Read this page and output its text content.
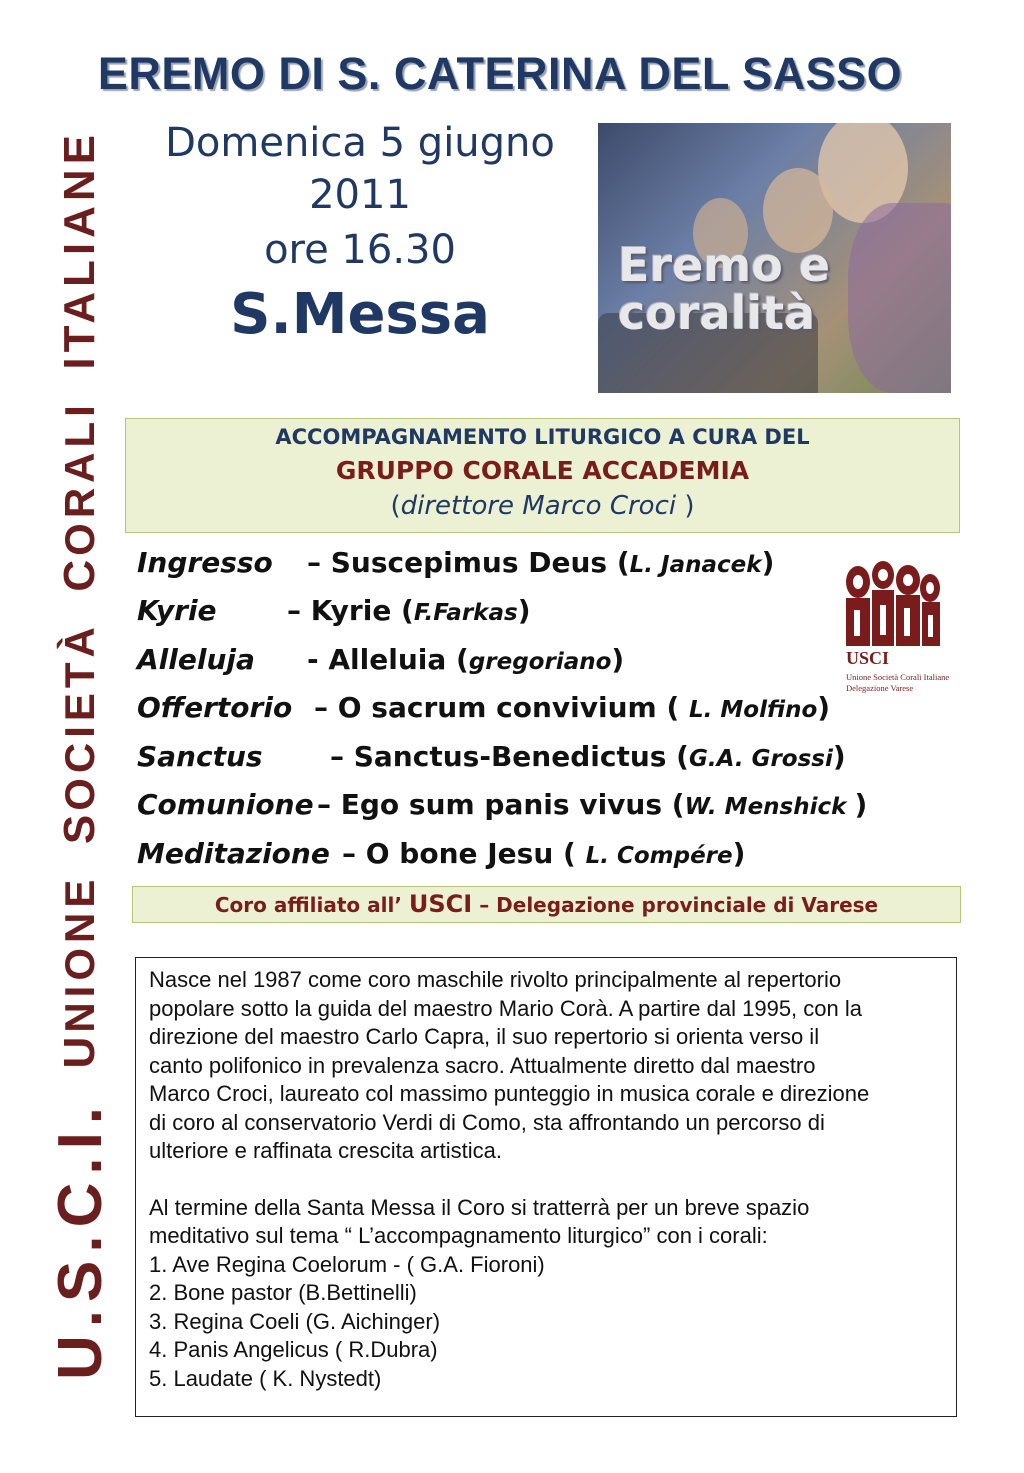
EREMO DI S. CATERINA DEL SASSO
U.S.C.I.
UNIONE
SOCIETÀ
CORALI
ITALIANE	Domenica 5 giugno
2011
ore 16.30
S.Messa
Eremo e
coralità
ACCOMPAGNAMENTO LITURGICO A CURA DEL
GRUPPO CORALE ACCADEMIA
(direttore Marco Croci )
Ingresso – Suscepimus Deus (L. Janacek)
Kyrie	– Kyrie (F.Farkas)
Alleluja - Alleluia (gregoriano)
Offertorio – O sacrum convivium ( L. Molfino)
Sanctus – Sanctus-Benedictus (G.A. Grossi)
Comunione – Ego sum panis vivus (W. Menshick )
Meditazione – O bone Jesu ( L. Compére)
USCI
Unione Società Corali Italiane
Delegazione Varese
Coro affiliato all’ USCI – Delegazione provinciale di Varese

Nasce nel 1987 come coro maschile rivolto principalmente al repertorio

popolare sotto la guida del maestro Mario Corà. A partire dal 1995, con la

direzione del maestro Carlo Capra, il suo repertorio si orienta verso il

canto polifonico in prevalenza sacro. Attualmente diretto dal maestro

Marco Croci, laureato col massimo punteggio in musica corale e direzione

di coro al conservatorio Verdi di Como, sta affrontando un percorso di

ulteriore e raffinata crescita artistica.

Al termine della Santa Messa il Coro si tratterrà per un breve spazio

meditativo sul tema “ L’accompagnamento liturgico” con i corali:

1. Ave Regina Coelorum - ( G.A. Fioroni)
2. Bone pastor (B.Bettinelli)
3. Regina Coeli (G. Aichinger)
4. Panis Angelicus ( R.Dubra)
5. Laudate ( K. Nystedt)
